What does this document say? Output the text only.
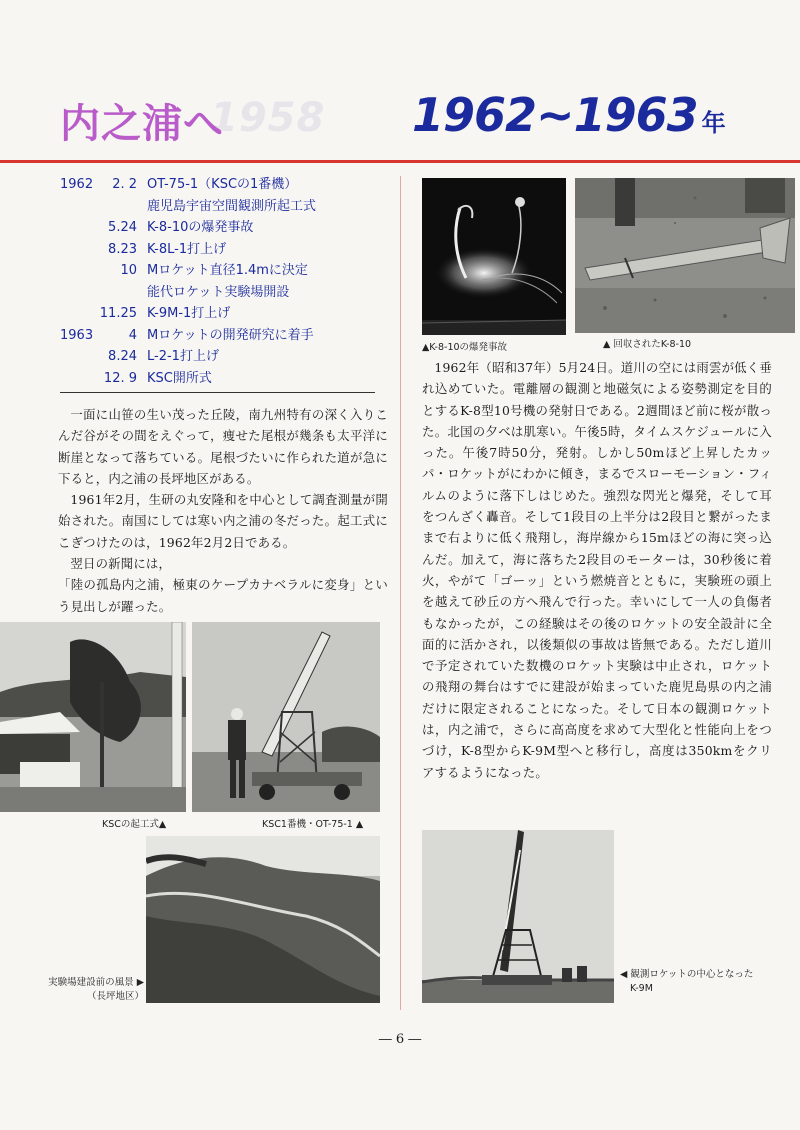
1958
内之浦へ	1962~1963 年
1962	2. 2 OT-75-1（KSCの1番機）
鹿児島宇宙空間観測所起工式
5.24 K-8-10の爆発事故
8.23 K-8L-1打上げ
10 Mロケット直径1.4mに決定
能代ロケット実験場開設
11.25 K-9M-1打上げ
1963	4 Mロケットの開発研究に着手
8.24 L-2-1打上げ
12. 9 KSC開所式

一面に山笹の生い茂った丘陵，南九州特有の深く入りこんだ谷がその間をえぐって，痩せた尾根が幾条も太平洋に断崖となって落ちている。尾根づたいに作られた道が急に下ると，内之浦の長坪地区がある。

1961年2月，生研の丸安隆和を中心として調査測量が開始された。南国にしては寒い内之浦の冬だった。起工式にこぎつけたのは，1962年2月2日である。

翌日の新聞には，

「陸の孤島内之浦，極東のケープカナベラルに変身」という見出しが躍った。

1962年（昭和37年）5月24日。道川の空には雨雲が低く垂れ込めていた。電離層の観測と地磁気による姿勢測定を目的とするK-8型10号機の発射日である。2週間ほど前に桜が散った。北国の夕べは肌寒い。午後5時，タイムスケジュールに入った。午後7時50分，発射。しかし50mほど上昇したカッパ・ロケットがにわかに傾き，まるでスローモーション・フィルムのように落下しはじめた。強烈な閃光と爆発，そして耳をつんざく轟音。そして1段目の上半分は2段目と繋がったままで右よりに低く飛翔し，海岸線から15mほどの海に突っ込んだ。加えて，海に落ちた2段目のモーターは，30秒後に着火，やがて「ゴーッ」という燃焼音とともに，実験班の頭上を越えて砂丘の方へ飛んで行った。幸いにして一人の負傷者もなかったが，この経験はその後のロケットの安全設計に全面的に活かされ，以後類似の事故は皆無である。ただし道川で予定されていた数機のロケット実験は中止され，ロケットの飛翔の舞台はすでに建設が始まっていた鹿児島県の内之浦だけに限定されることになった。そして日本の観測ロケットは，内之浦で，さらに高高度を求めて大型化と性能向上をつづけ，K-8型からK-9M型へと移行し，高度は350kmをクリアするようになった。

▲K-8-10の爆発事故	▲ 回収されたK-8-10
KSCの起工式▲	KSC1番機・OT-75-1 ▲
実験場建設前の風景 ▶
（長坪地区）
◀ 観測ロケットの中心となった
K-9M
― 6 ―
